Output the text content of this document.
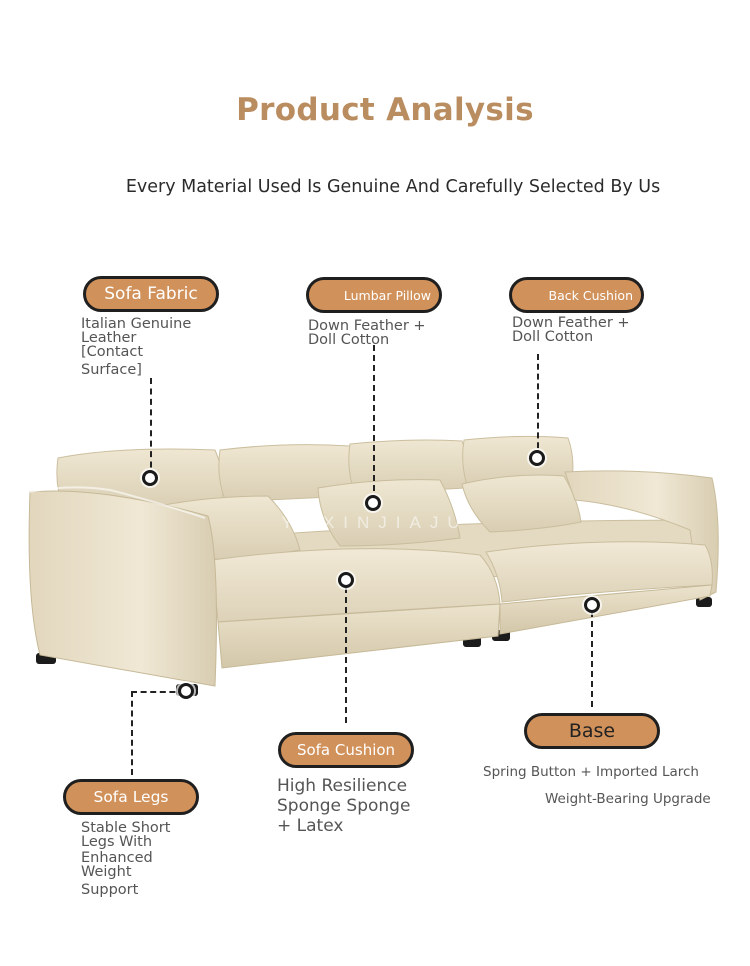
Product Analysis
Every Material Used Is Genuine And Carefully Selected By Us
YUXINJIAJU
Sofa Fabric
Italian Genuine
Leather
[Contact
Surface]
Lumbar Pillow
Down Feather +
Doll Cotton
Back Cushion
Down Feather +
Doll Cotton
Sofa Legs
Stable Short
Legs With
Enhanced
Weight
Support
Sofa Cushion
High Resilience
Sponge Sponge
+ Latex
Base
Spring Button + Imported Larch
Weight-Bearing Upgrade
